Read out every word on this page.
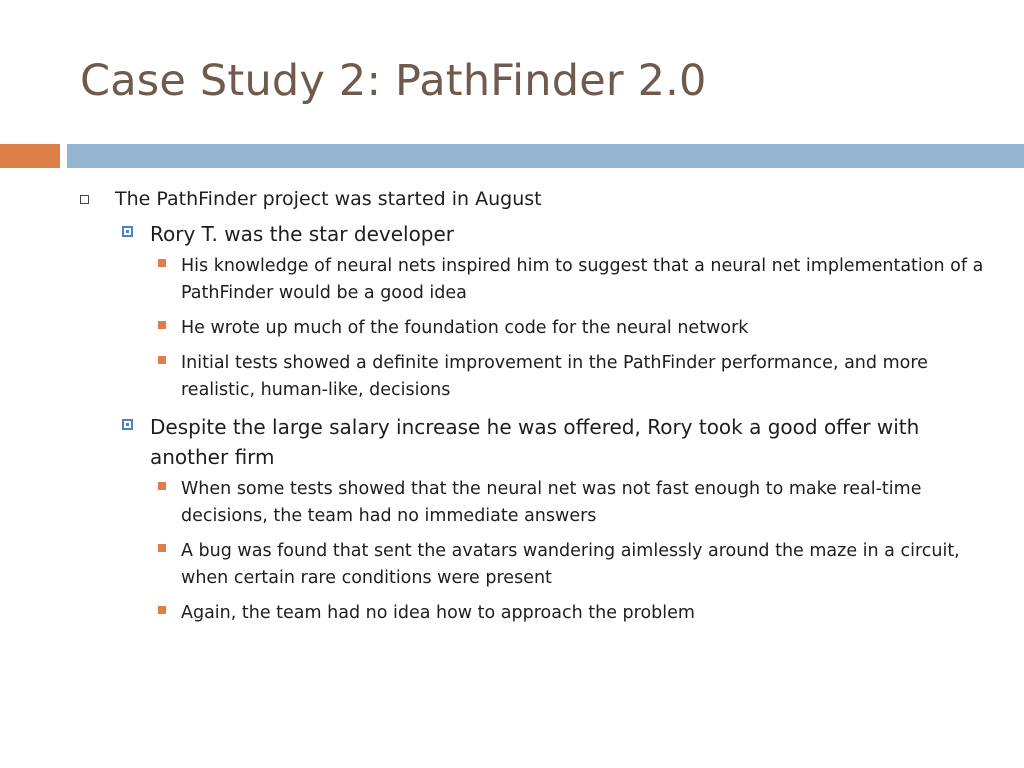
Case Study 2: PathFinder 2.0
The PathFinder project was started in August
Rory T. was the star developer
His knowledge of neural nets inspired him to suggest that a neural net implementation of a PathFinder would be a good idea
He wrote up much of the foundation code for the neural network
Initial tests showed a definite improvement in the PathFinder performance, and more realistic, human-like, decisions
Despite the large salary increase he was offered, Rory took a good offer with another firm
When some tests showed that the neural net was not fast enough to make real-time decisions, the team had no immediate answers
A bug was found that sent the avatars wandering aimlessly around the maze in a circuit, when certain rare conditions were present
Again, the team had no idea how to approach the problem
